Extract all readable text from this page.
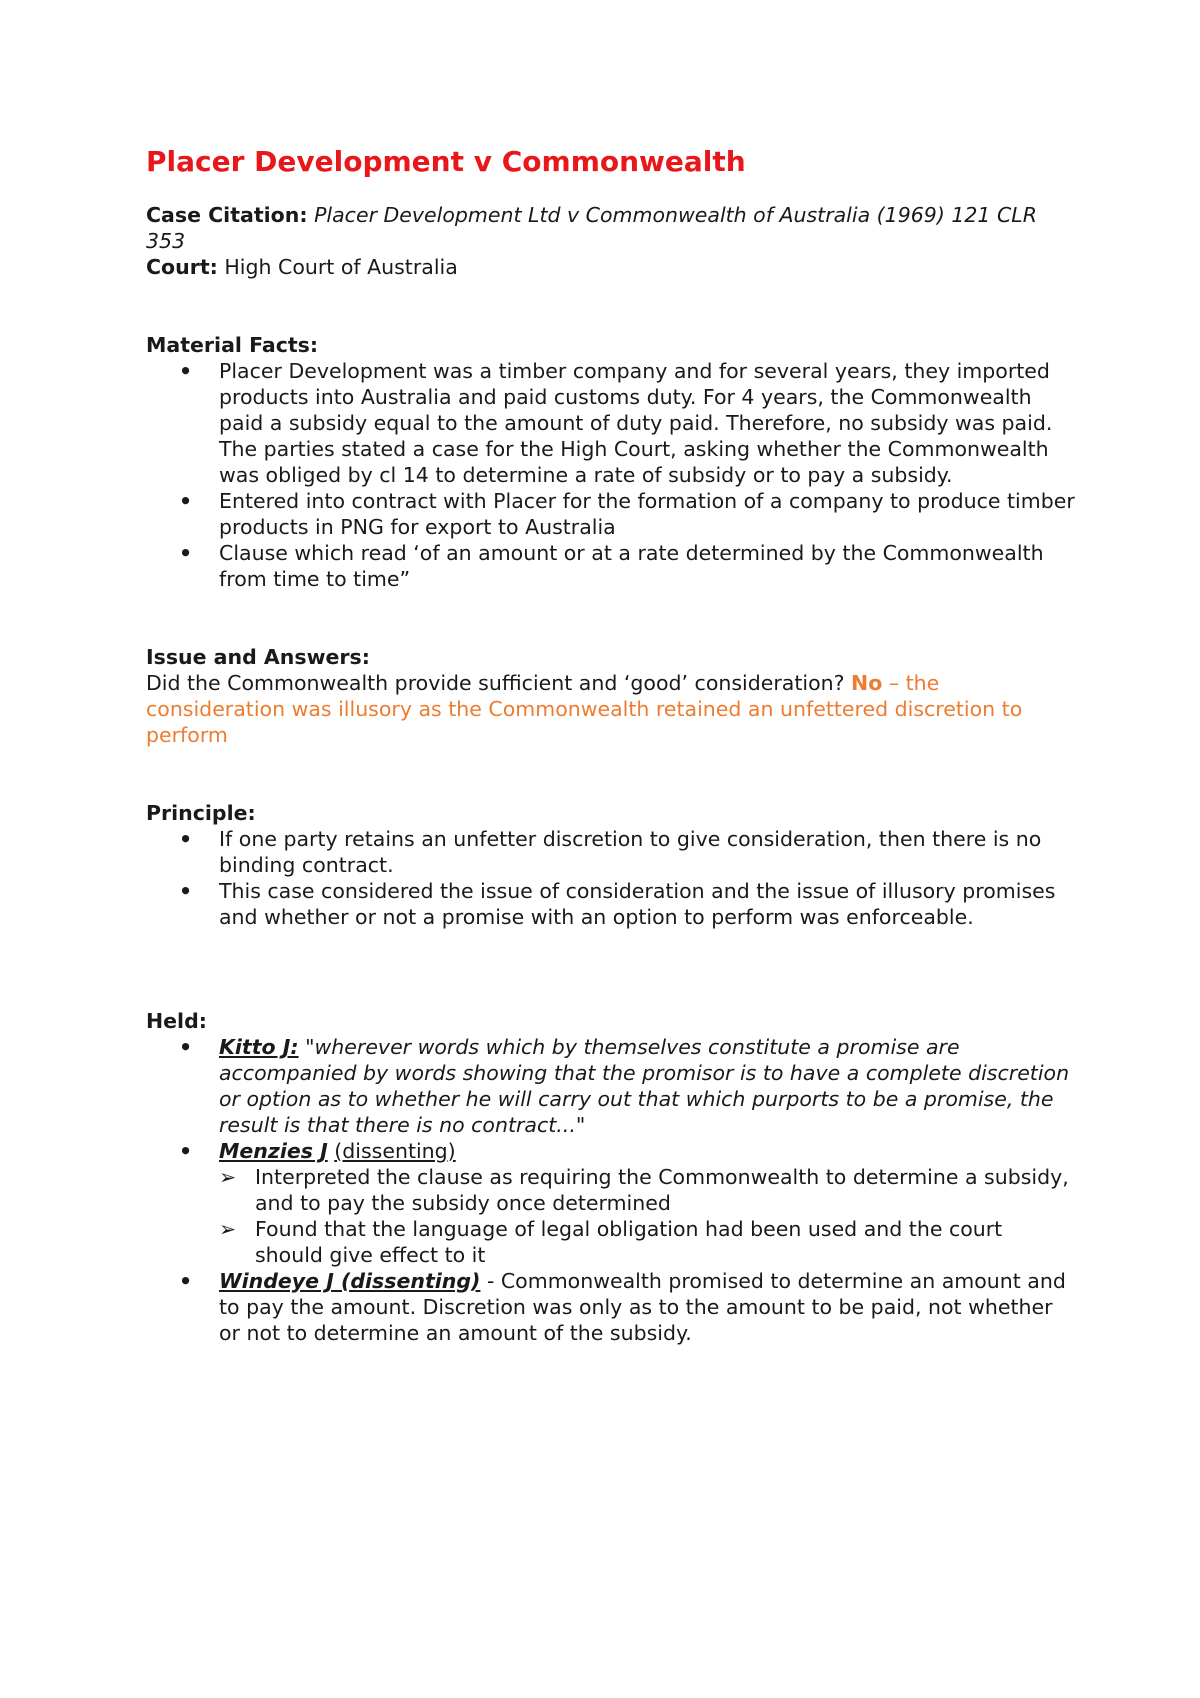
Placer Development v Commonwealth

Case Citation: Placer Development Ltd v Commonwealth of Australia (1969) 121 CLR 353

Court: High Court of Australia

Material Facts:

• Placer Development was a timber company and for several years, they imported products into Australia and paid customs duty. For 4 years, the Commonwealth paid a subsidy equal to the amount of duty paid. Therefore, no subsidy was paid. The parties stated a case for the High Court, asking whether the Commonwealth was obliged by cl 14 to determine a rate of subsidy or to pay a subsidy.
• Entered into contract with Placer for the formation of a company to produce timber products in PNG for export to Australia
• Clause which read ‘of an amount or at a rate determined by the Commonwealth from time to time”

Issue and Answers:

Did the Commonwealth provide sufficient and ‘good’ consideration? No – the consideration was illusory as the Commonwealth retained an unfettered discretion to perform

Principle:

• If one party retains an unfetter discretion to give consideration, then there is no binding contract.
• This case considered the issue of consideration and the issue of illusory promises and whether or not a promise with an option to perform was enforceable.

Held:

• Kitto J: "wherever words which by themselves constitute a promise are accompanied by words showing that the promisor is to have a complete discretion or option as to whether he will carry out that which purports to be a promise, the result is that there is no contract..."
• Menzies J (dissenting)
➢ Interpreted the clause as requiring the Commonwealth to determine a subsidy, and to pay the subsidy once determined
➢ Found that the language of legal obligation had been used and the court should give effect to it
• Windeye J (dissenting) - Commonwealth promised to determine an amount and to pay the amount. Discretion was only as to the amount to be paid, not whether or not to determine an amount of the subsidy.
